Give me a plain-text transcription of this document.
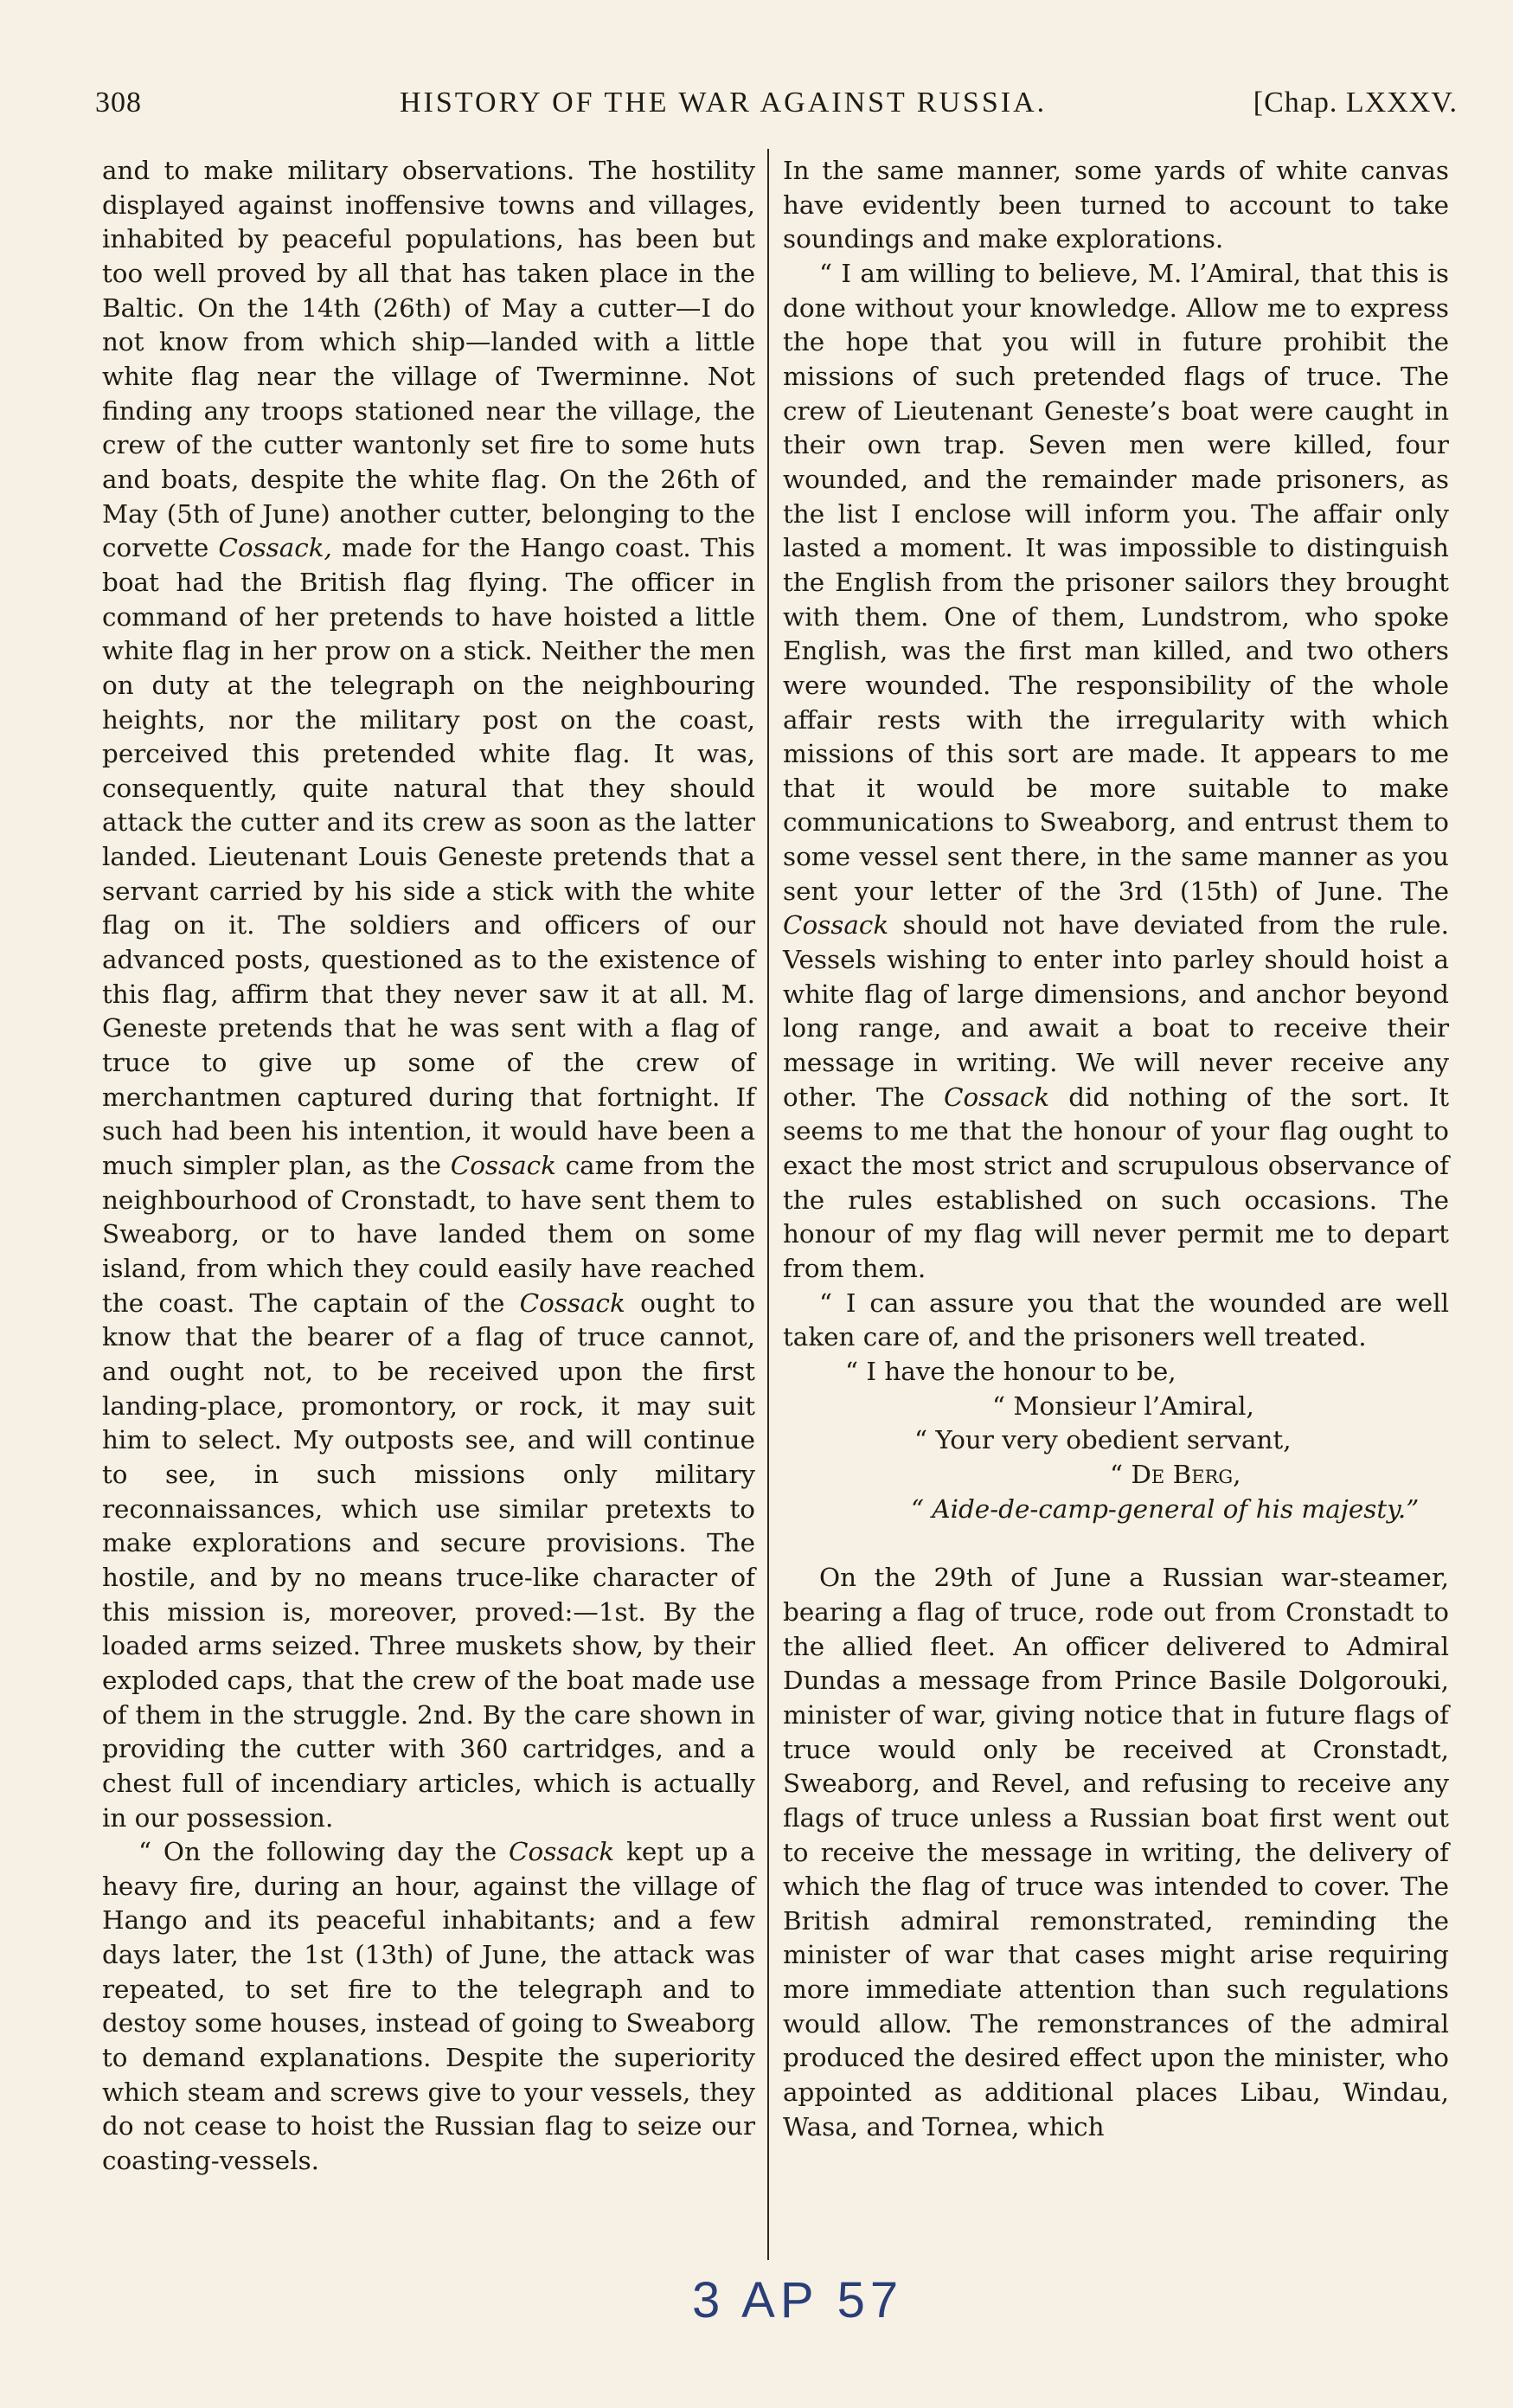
308	HISTORY OF THE WAR AGAINST RUSSIA.	[Chap. LXXXV.

and to make military observations. The hostility displayed against inoffensive towns and villages, inhabited by peaceful populations, has been but too well proved by all that has taken place in the Baltic. On the 14th (26th) of May a cutter—I do not know from which ship—landed with a little white flag near the village of Twerminne. Not finding any troops stationed near the village, the crew of the cutter wantonly set fire to some huts and boats, despite the white flag. On the 26th of May (5th of June) another cutter, belonging to the corvette Cossack, made for the Hango coast. This boat had the British flag flying. The officer in command of her pretends to have hoisted a little white flag in her prow on a stick. Neither the men on duty at the telegraph on the neighbouring heights, nor the military post on the coast, perceived this pretended white flag. It was, consequently, quite natural that they should attack the cutter and its crew as soon as the latter landed. Lieutenant Louis Geneste pretends that a servant carried by his side a stick with the white flag on it. The soldiers and officers of our advanced posts, questioned as to the existence of this flag, affirm that they never saw it at all. M. Geneste pretends that he was sent with a flag of truce to give up some of the crew of merchantmen captured during that fortnight. If such had been his intention, it would have been a much simpler plan, as the Cossack came from the neighbourhood of Cronstadt, to have sent them to Sweaborg, or to have landed them on some island, from which they could easily have reached the coast. The captain of the Cossack ought to know that the bearer of a flag of truce cannot, and ought not, to be received upon the first landing-place, promontory, or rock, it may suit him to select. My outposts see, and will continue to see, in such missions only military reconnaissances, which use similar pretexts to make explorations and secure provisions. The hostile, and by no means truce-like character of this mission is, moreover, proved:—1st. By the loaded arms seized. Three muskets show, by their exploded caps, that the crew of the boat made use of them in the struggle. 2nd. By the care shown in providing the cutter with 360 cartridges, and a chest full of incendiary articles, which is actually in our possession.

“ On the following day the Cossack kept up a heavy fire, during an hour, against the village of Hango and its peaceful inhabitants; and a few days later, the 1st (13th) of June, the attack was repeated, to set fire to the telegraph and to destoy some houses, instead of going to Sweaborg to demand explanations. Despite the superiority which steam and screws give to your vessels, they do not cease to hoist the Russian flag to seize our coasting-vessels.

In the same manner, some yards of white canvas have evidently been turned to account to take soundings and make explorations.

“ I am willing to believe, M. l’Amiral, that this is done without your knowledge. Allow me to express the hope that you will in future prohibit the missions of such pretended flags of truce. The crew of Lieutenant Geneste’s boat were caught in their own trap. Seven men were killed, four wounded, and the remainder made prisoners, as the list I enclose will inform you. The affair only lasted a moment. It was impossible to distinguish the English from the prisoner sailors they brought with them. One of them, Lundstrom, who spoke English, was the first man killed, and two others were wounded. The responsibility of the whole affair rests with the irregularity with which missions of this sort are made. It appears to me that it would be more suitable to make communications to Sweaborg, and entrust them to some vessel sent there, in the same manner as you sent your letter of the 3rd (15th) of June. The Cossack should not have deviated from the rule. Vessels wishing to enter into parley should hoist a white flag of large dimensions, and anchor beyond long range, and await a boat to receive their message in writing. We will never receive any other. The Cossack did nothing of the sort. It seems to me that the honour of your flag ought to exact the most strict and scrupulous observance of the rules established on such occasions. The honour of my flag will never permit me to depart from them.

“ I can assure you that the wounded are well taken care of, and the prisoners well treated.

“ I have the honour to be,

“ Monsieur l’Amiral,

“ Your very obedient servant,

“ De Berg,

“ Aide-de-camp-general of his majesty.”

On the 29th of June a Russian war-steamer, bearing a flag of truce, rode out from Cronstadt to the allied fleet. An officer delivered to Admiral Dundas a message from Prince Basile Dolgorouki, minister of war, giving notice that in future flags of truce would only be received at Cronstadt, Sweaborg, and Revel, and refusing to receive any flags of truce unless a Russian boat first went out to receive the message in writing, the delivery of which the flag of truce was intended to cover. The British admiral remonstrated, reminding the minister of war that cases might arise requiring more immediate attention than such regulations would allow. The remonstrances of the admiral produced the desired effect upon the minister, who appointed as additional places Libau, Windau, Wasa, and Tornea, which

3 AP 57
